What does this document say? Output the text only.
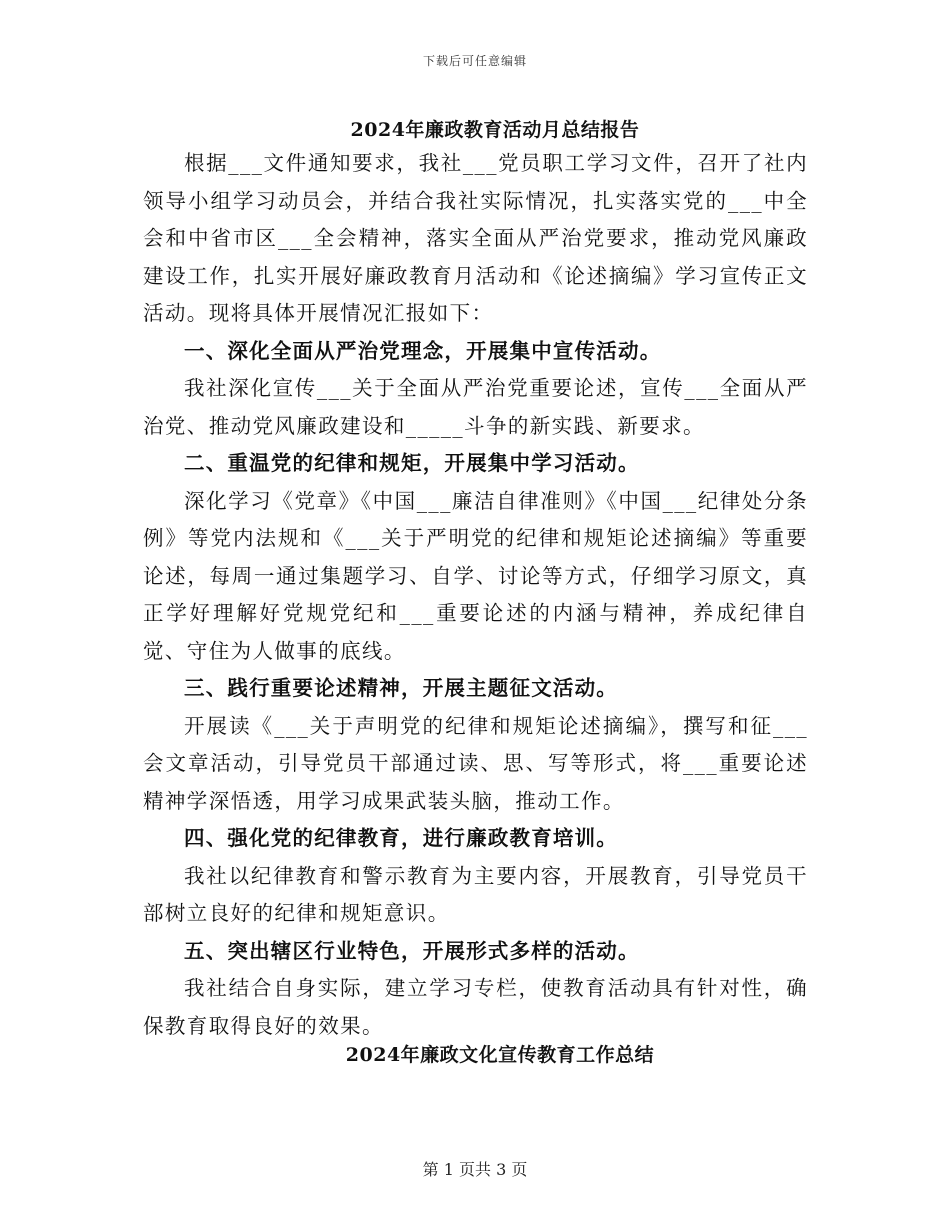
下载后可任意编辑
2024年廉政教育活动月总结报告

根据___文件通知要求，我社___党员职工学习文件，召开了社内领导小组学习动员会，并结合我社实际情况，扎实落实党的___中全会和中省市区___全会精神，落实全面从严治党要求，推动党风廉政建设工作，扎实开展好廉政教育月活动和《论述摘编》学习宣传正文活动。现将具体开展情况汇报如下：

一、深化全面从严治党理念，开展集中宣传活动。

我社深化宣传___关于全面从严治党重要论述，宣传___全面从严治党、推动党风廉政建设和_____斗争的新实践、新要求。

二、重温党的纪律和规矩，开展集中学习活动。

深化学习《党章》《中国___廉洁自律准则》《中国___纪律处分条例》等党内法规和《___关于严明党的纪律和规矩论述摘编》等重要论述，每周一通过集题学习、自学、讨论等方式，仔细学习原文，真正学好理解好党规党纪和___重要论述的内涵与精神，养成纪律自觉、守住为人做事的底线。

三、践行重要论述精神，开展主题征文活动。

开展读《___关于声明党的纪律和规矩论述摘编》，撰写和征___会文章活动，引导党员干部通过读、思、写等形式，将___重要论述精神学深悟透，用学习成果武装头脑，推动工作。

四、强化党的纪律教育，进行廉政教育培训。

我社以纪律教育和警示教育为主要内容，开展教育，引导党员干部树立良好的纪律和规矩意识。

五、突出辖区行业特色，开展形式多样的活动。

我社结合自身实际，建立学习专栏，使教育活动具有针对性，确保教育取得良好的效果。

2024年廉政文化宣传教育工作总结
第 1 页共 3 页
